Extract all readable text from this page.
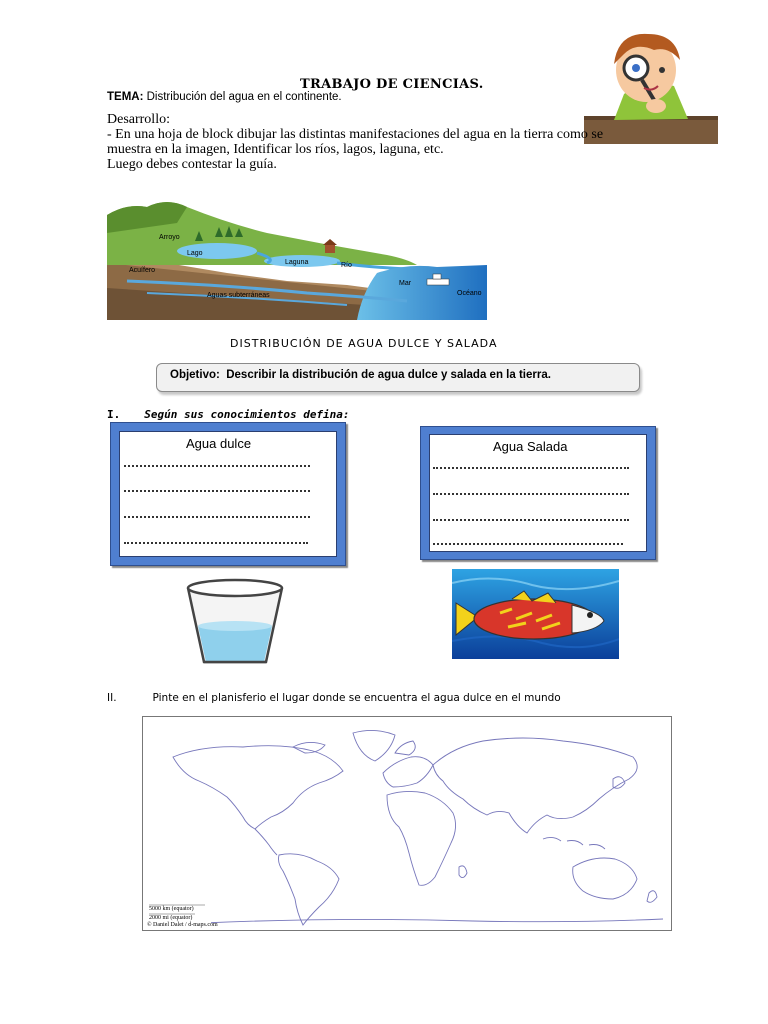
TRABAJO DE CIENCIAS.
TEMA: Distribución del agua en el continente.
Desarrollo:
- En una hoja de block dibujar las distintas manifestaciones del agua en la tierra como se
muestra en la imagen, Identificar los ríos, lagos, laguna, etc.
Luego debes contestar la guía.
Arroyo
Lago
Laguna	Río
Acuífero
Mar
Océano
Aguas subterráneas
DISTRIBUCIÓN DE AGUA DULCE Y SALADA
Objetivo: Describir la distribución de agua dulce y salada en la tierra.
I. Según sus conocimientos defina:
Agua dulce	Agua Salada
II.	Pinte en el planisferio el lugar donde se encuentra el agua dulce en el mundo
5000 km (equator)
2000 mi (equator)
© Daniel Dalet / d-maps.com
